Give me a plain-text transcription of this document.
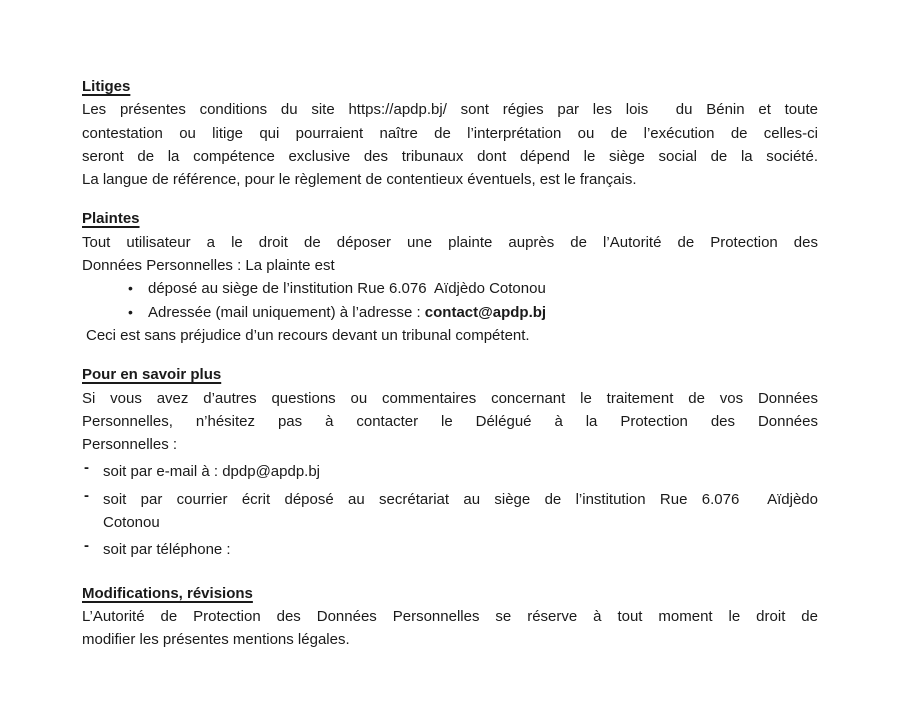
Litiges
Les présentes conditions du site https://apdp.bj/ sont régies par les lois  du Bénin et toute
contestation ou litige qui pourraient naître de l’interprétation ou de l’exécution de celles-ci
seront de la compétence exclusive des tribunaux dont dépend le siège social de la société.
La langue de référence, pour le règlement de contentieux éventuels, est le français.
Plaintes
Tout utilisateur a le droit de déposer une plainte auprès de l’Autorité de Protection des
Données Personnelles : La plainte est
•	déposé au siège de l’institution Rue 6.076  Aïdjèdo Cotonou
•	Adressée (mail uniquement) à l’adresse : contact@apdp.bj
Ceci est sans préjudice d’un recours devant un tribunal compétent.
Pour en savoir plus
Si vous avez d’autres questions ou commentaires concernant le traitement de vos Données
Personnelles, n’hésitez pas à contacter le Délégué à la Protection des Données
Personnelles :
- soit par e-mail à : dpdp@apdp.bj
- soit par courrier écrit déposé au secrétariat au siège de l’institution Rue 6.076  Aïdjèdo
Cotonou
- soit par téléphone :
Modifications, révisions
L’Autorité de Protection des Données Personnelles se réserve à tout moment le droit de
modifier les présentes mentions légales.
